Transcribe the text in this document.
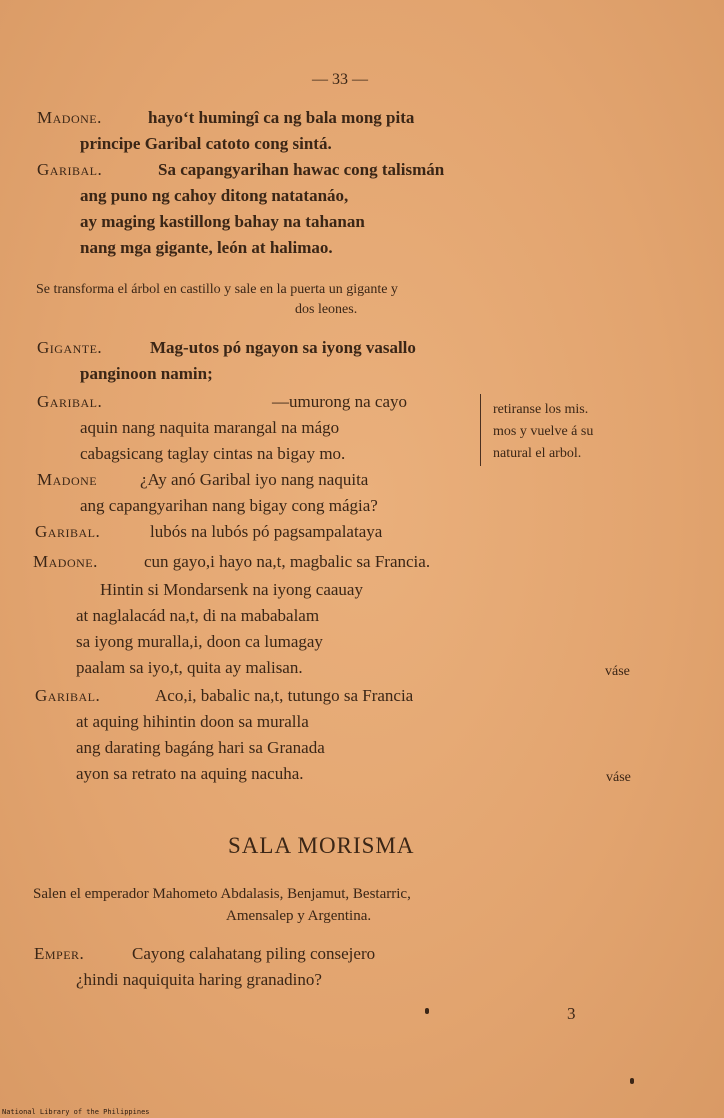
— 33 —
Madone.	hayo‘t humingî ca ng bala mong pita
principe Garibal catoto cong sintá.
Garibal.	Sa capangyarihan hawac cong talismán
ang puno ng cahoy ditong natatanáo,
ay maging kastillong bahay na tahanan
nang mga gigante, león at halimao.
Se transforma el árbol en castillo y sale en la puerta un gigante y
dos leones.
Gigante.	Mag-utos pó ngayon sa iyong vasallo
panginoon namin;
Garibal.	—umurong na cayo
aquin nang naquita marangal na mágo
cabagsicang taglay cintas na bigay mo.
retiranse los mis.
mos y vuelve á su
natural el arbol.
Madone	¿Ay anó Garibal iyo nang naquita
ang capangyarihan nang bigay cong mágia?
Garibal.	lubós na lubós pó pagsampalataya
Madone.	cun gayo,i hayo na,t, magbalic sa Francia.
Hintin si Mondarsenk na iyong caauay
at naglalacád na,t, di na mababalam
sa iyong muralla,i, doon ca lumagay
paalam sa iyo,t, quita ay malisan.	váse
Garibal.	Aco,i, babalic na,t, tutungo sa Francia
at aquing hihintin doon sa muralla
ang darating bagáng hari sa Granada
ayon sa retrato na aquing nacuha.	váse
SALA MORISMA
Salen el emperador Mahometo Abdalasis, Benjamut, Bestarric,
Amensalep y Argentina.
Emper.	Cayong calahatang piling consejero
¿hindi naquiquita haring granadino?
3
National Library of the Philippines
